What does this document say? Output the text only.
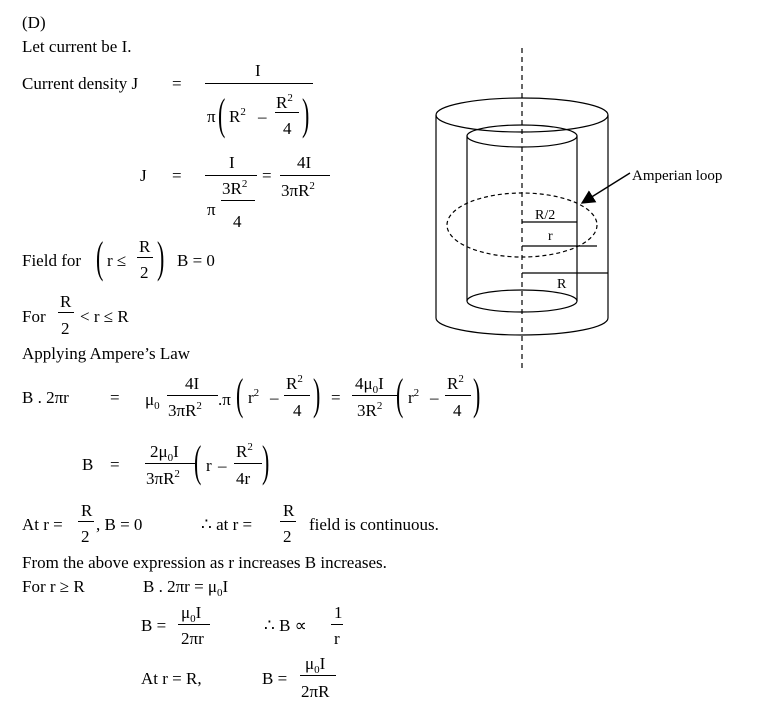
(D)
Let current be I.
Current density J =
I
π ( $R^2$ –
$R^2$
4 )
J =
I
π
$3R^2$
4
=
4I
$3\pi R^2$
Field for ( r ≤
R
2 ) B = 0
For
R
2
< r ≤ R
Applying Ampere’s Law
B . $2\pi r = \mu_0$
4I
$3\pi R^2$ .π ( $r^2$ –
$R^2$
4 ) =
$4\mu_0I$
$3R^2$ ( $r^2$ –
$R^2$
4 )
B =
$2\mu_0I$
$3\pi R^2$ ( r –
$R^2$
4r )
At r =
R
2
, B = 0	∴ at r =
R
2
field is continuous.
From the above expression as r increases B increases.
For r ≥ R	B . $2\pi r = \mu_0I$
B =
$\mu_0I$
2πr
∴ B ∝
1
r
At r = R,	B =
$\mu_0I$
2πR
R/2
r
R
Amperian loop
